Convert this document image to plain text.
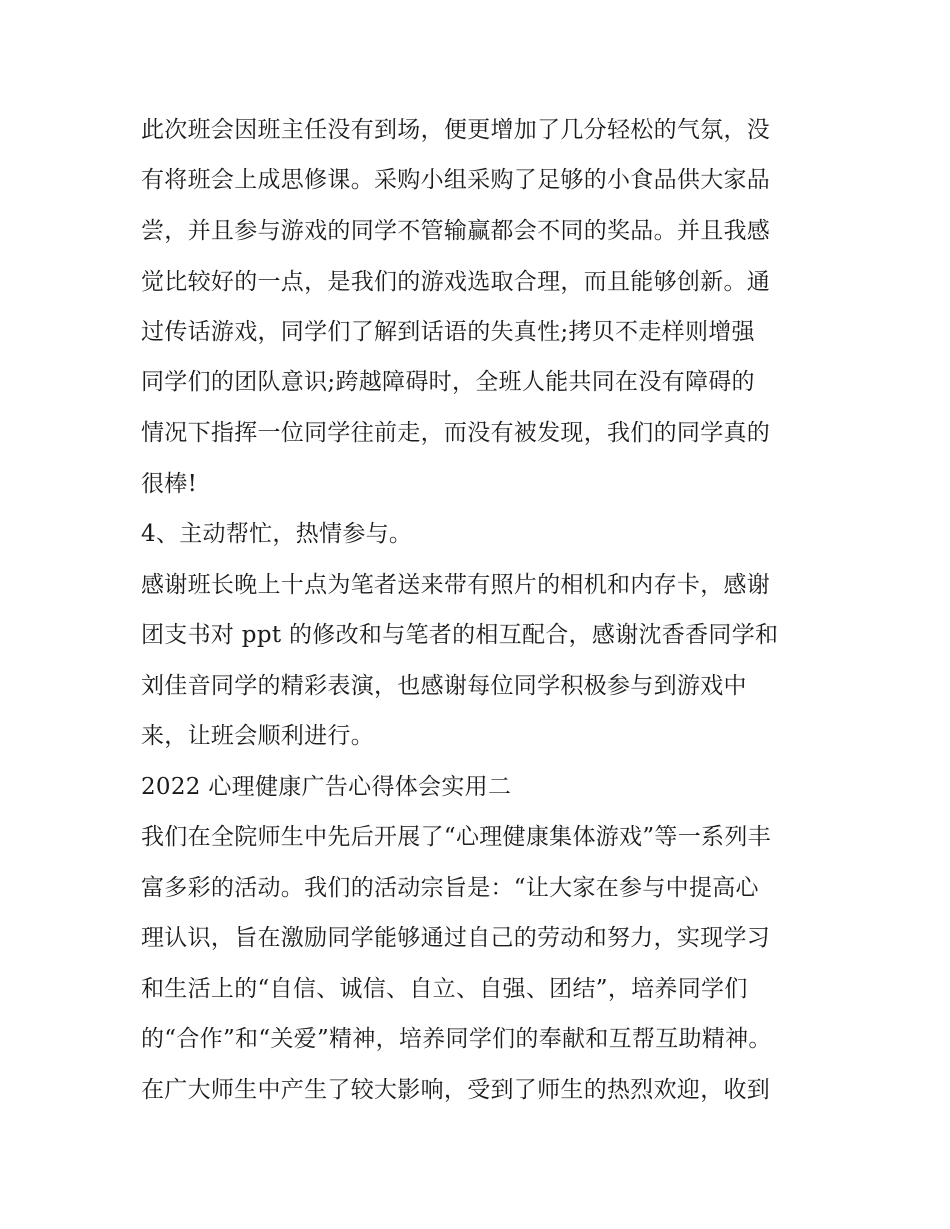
此次班会因班主任没有到场，便更增加了几分轻松的气氛，没
有将班会上成思修课。采购小组采购了足够的小食品供大家品
尝，并且参与游戏的同学不管输赢都会不同的奖品。并且我感
觉比较好的一点，是我们的游戏选取合理，而且能够创新。通
过传话游戏，同学们了解到话语的失真性;拷贝不走样则增强
同学们的团队意识;跨越障碍时，全班人能共同在没有障碍的
情况下指挥一位同学往前走，而没有被发现，我们的同学真的
很棒!
4、主动帮忙，热情参与。
感谢班长晚上十点为笔者送来带有照片的相机和内存卡，感谢
团支书对 ppt 的修改和与笔者的相互配合，感谢沈香香同学和
刘佳音同学的精彩表演，也感谢每位同学积极参与到游戏中
来，让班会顺利进行。
2022 心理健康广告心得体会实用二
我们在全院师生中先后开展了“心理健康集体游戏”等一系列丰
富多彩的活动。我们的活动宗旨是：“让大家在参与中提高心
理认识，旨在激励同学能够通过自己的劳动和努力，实现学习
和生活上的“自信、诚信、自立、自强、团结”，培养同学们
的“合作”和“关爱”精神，培养同学们的奉献和互帮互助精神。
在广大师生中产生了较大影响，受到了师生的热烈欢迎，收到
